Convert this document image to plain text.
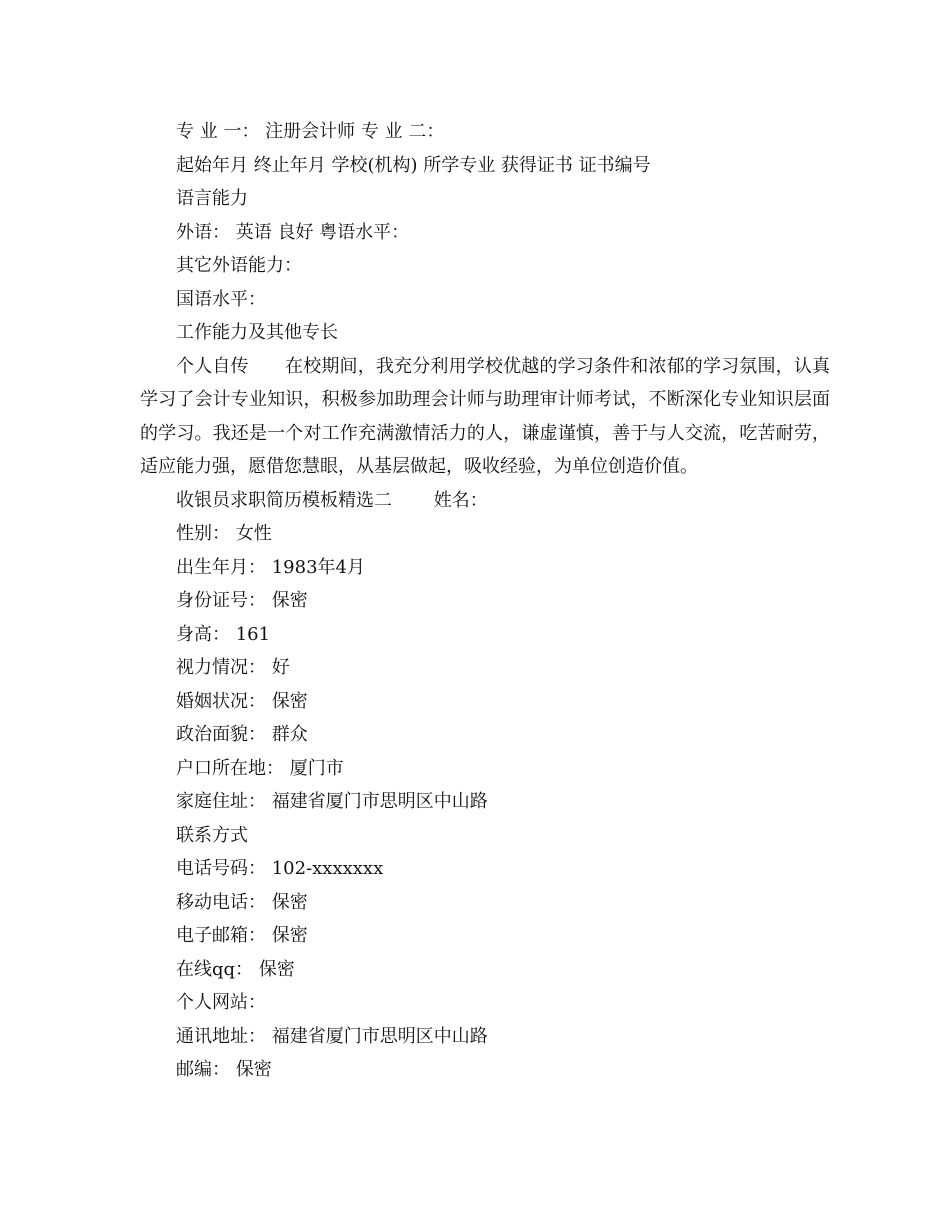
专 业 一： 注册会计师 专 业 二：
起始年月 终止年月 学校(机构) 所学专业 获得证书 证书编号
语言能力
外语： 英语 良好 粤语水平：
其它外语能力：
国语水平：
工作能力及其他专长

个人自传　　在校期间，我充分利用学校优越的学习条件和浓郁的学习氛围，认真学习了会计专业知识，积极参加助理会计师与助理审计师考试，不断深化专业知识层面的学习。我还是一个对工作充满激情活力的人，谦虚谨慎，善于与人交流，吃苦耐劳，适应能力强，愿借您慧眼，从基层做起，吸收经验，为单位创造价值。

收银员求职简历模板精选二　　 姓名：
性别： 女性
出生年月： 1983年4月
身份证号： 保密
身高： 161
视力情况： 好
婚姻状况： 保密
政治面貌： 群众
户口所在地： 厦门市
家庭住址： 福建省厦门市思明区中山路
联系方式
电话号码： 102-xxxxxxx
移动电话： 保密
电子邮箱： 保密
在线qq： 保密
个人网站：
通讯地址： 福建省厦门市思明区中山路
邮编： 保密
